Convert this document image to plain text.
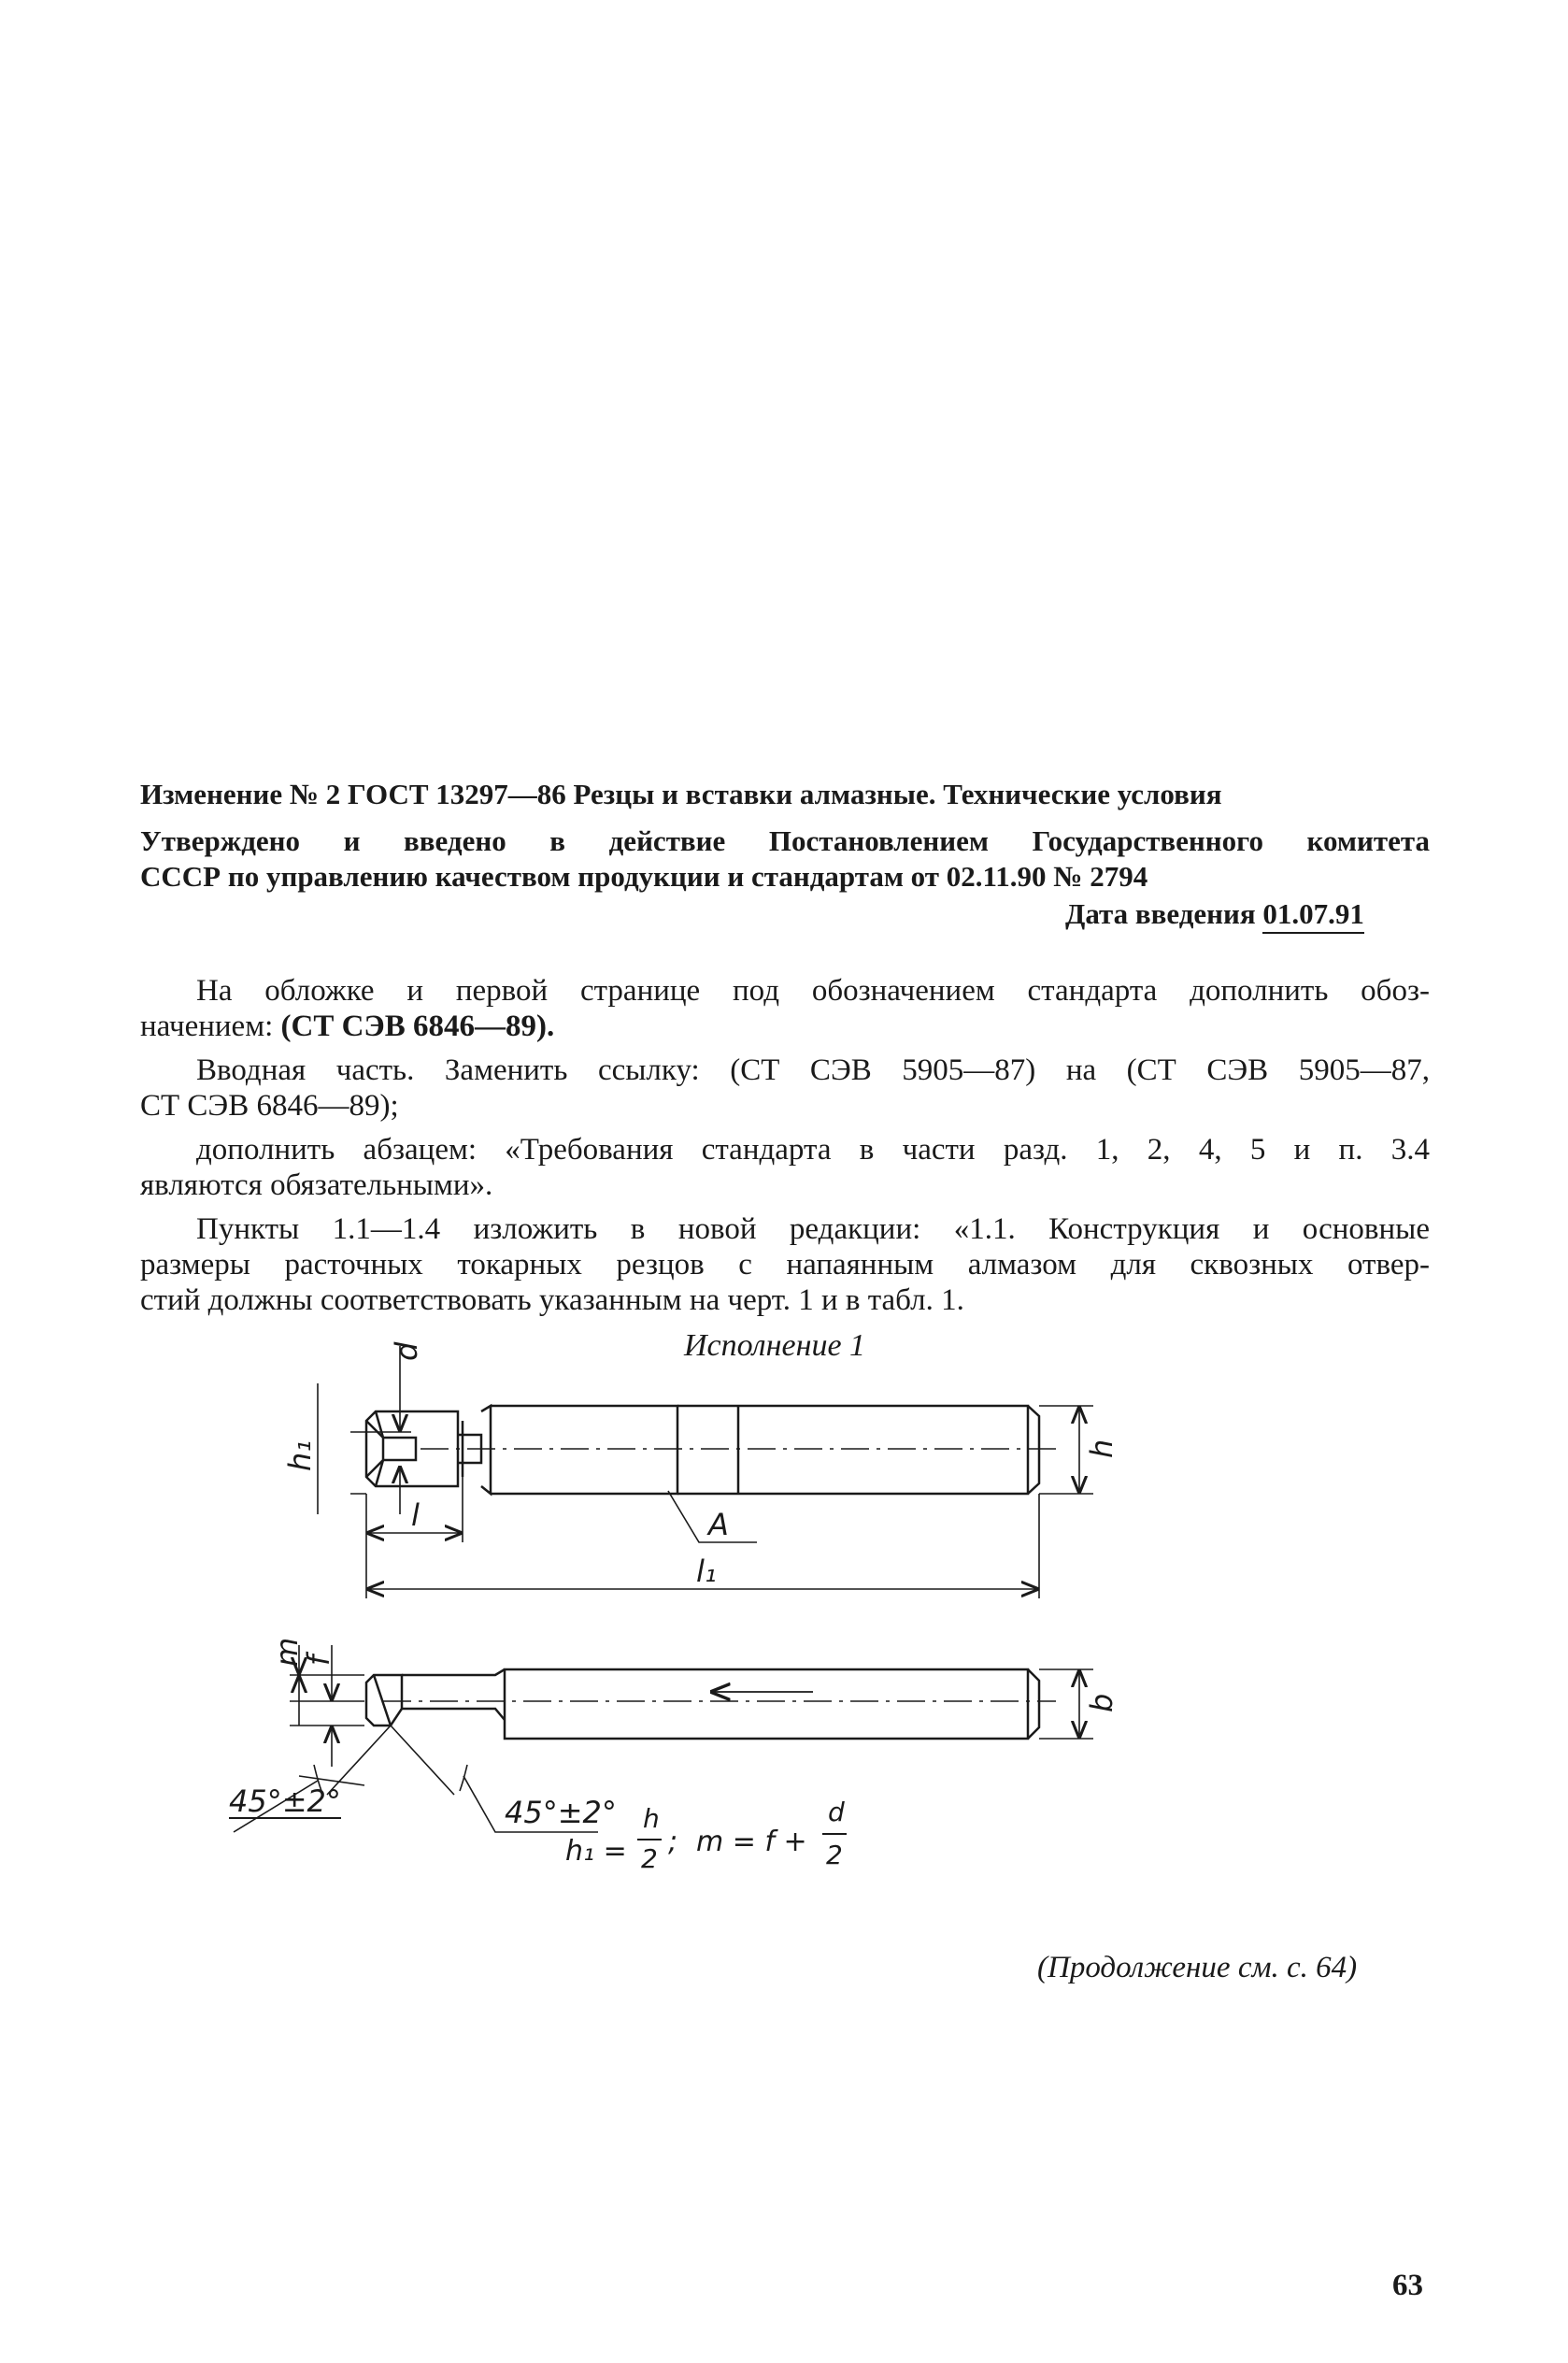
Изменение № 2 ГОСТ 13297—86 Резцы и вставки алмазные. Технические условия
Утверждено и введено в действие Постановлением Государственного комитета
СССР по управлению качеством продукции и стандартам от 02.11.90 № 2794
Дата введения 01.07.91
На обложке и первой странице под обозначением стандарта дополнить обоз-
начением: (СТ СЭВ 6846—89).
Вводная часть. Заменить ссылку: (СТ СЭВ 5905—87) на (СТ СЭВ 5905—87,
СТ СЭВ 6846—89);
дополнить абзацем: «Требования стандарта в части разд. 1, 2, 4, 5 и п. 3.4
являются обязательными».
Пункты 1.1—1.4 изложить в новой редакции: «1.1. Конструкция и основные
размеры расточных токарных резцов с напаянным алмазом для сквозных отвер-
стий должны соответствовать указанным на черт. 1 и в табл. 1.
Исполнение 1
d
h₁	h
l
l₁
A
m
f
b
45°±2°
h₁ =
h
2
; m = f +
d
2
45°±2°
(Продолжение см. с. 64)
63
